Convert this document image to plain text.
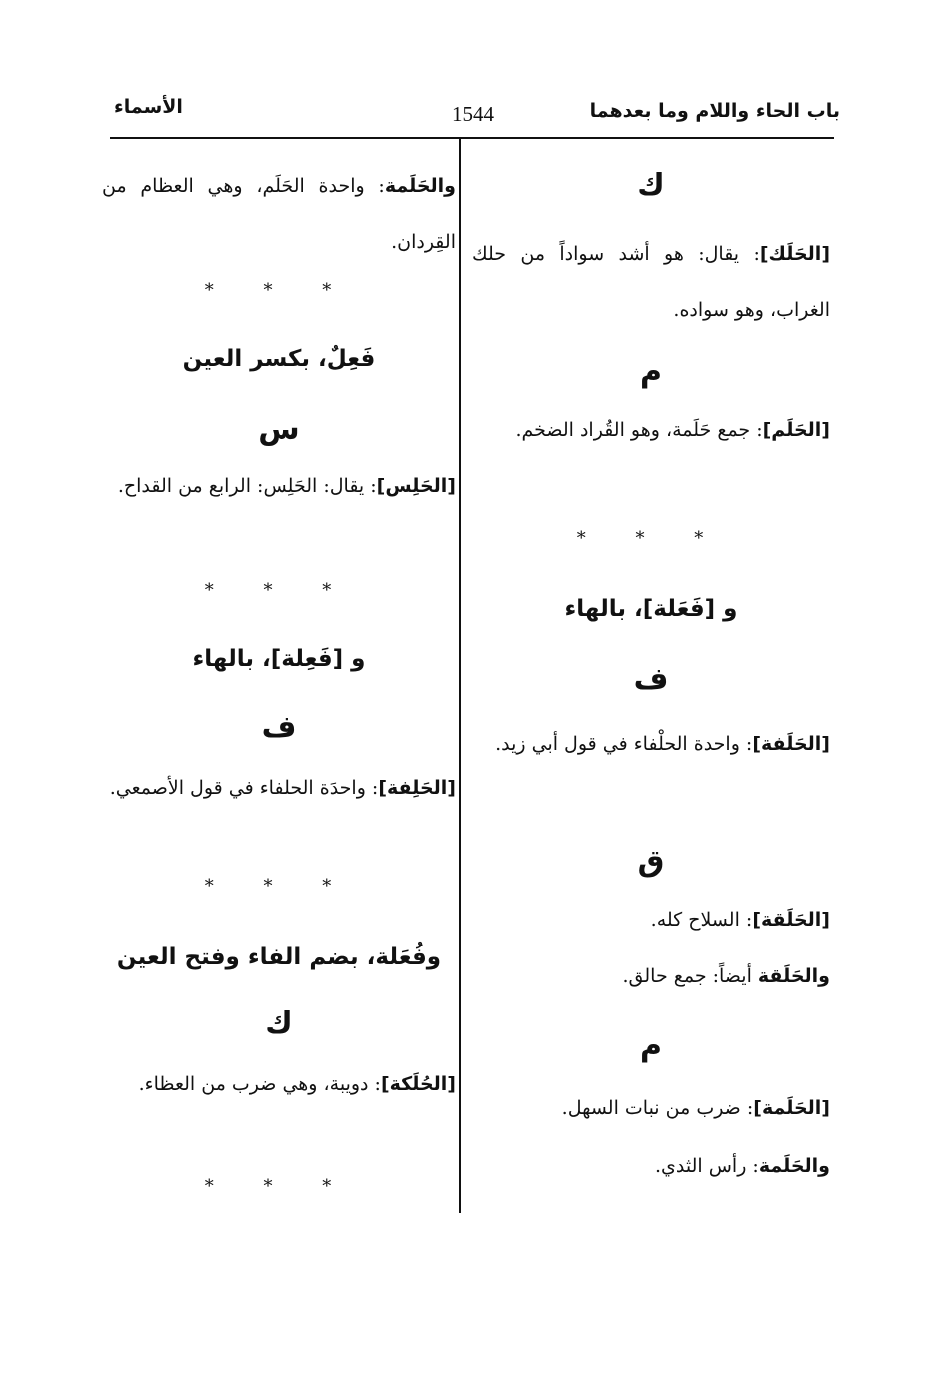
باب الحاء واللام وما بعدهما
1544
الأسماء
ك
[الحَلَك]: يقال: هو أشد سواداً من حلك الغراب، وهو سواده.
م
[الحَلَم]: جمع حَلَمة، وهو القُراد الضخم.
* * *
و [فَعَلة]، بالهاء
ف
[الحَلَفة]: واحدة الحلْفاء في قول أبي زيد.
ق
[الحَلَقة]: السلاح كله.
والحَلَقة أيضاً: جمع حالق.
م
[الحَلَمة]: ضرب من نبات السهل.
والحَلَمة: رأس الثدي.
والحَلَمة: واحدة الحَلَم، وهي العظام من القِردان.
* * *
فَعِلٌ، بكسر العين
س
[الحَلِس]: يقال: الحَلِس: الرابع من القداح.
* * *
و [فَعِلة]، بالهاء
ف
[الحَلِفة]: واحدَة الحلفاء في قول الأصمعي.
* * *
وفُعَلة، بضم الفاء وفتح العين
ك
[الحُلَكة]: دويبة، وهي ضرب من العظاء.
* * *
